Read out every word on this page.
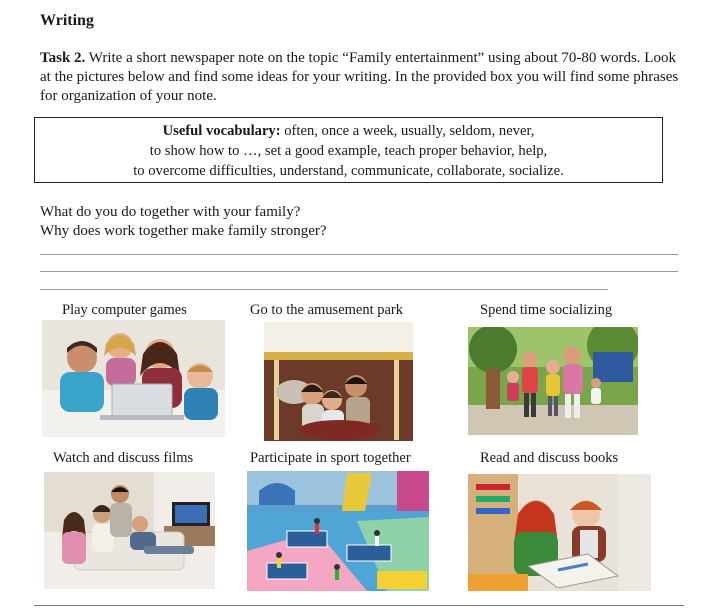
Writing
Task 2. Write a short newspaper note on the topic “Family entertainment” using about 70-80 words. Look at the pictures below and find some ideas for your writing. In the provided box you will find some phrases for organization of your note.
Useful vocabulary: often, once a week, usually, seldom, never,
to show how to …, set a good example, teach proper behavior, help,
to overcome difficulties, understand, communicate, collaborate, socialize.
What do you do together with your family?
Why does work together make family stronger?
Play computer games	Go to the amusement park	Spend time socializing
Watch and discuss films	Participate in sport together	Read and discuss books
